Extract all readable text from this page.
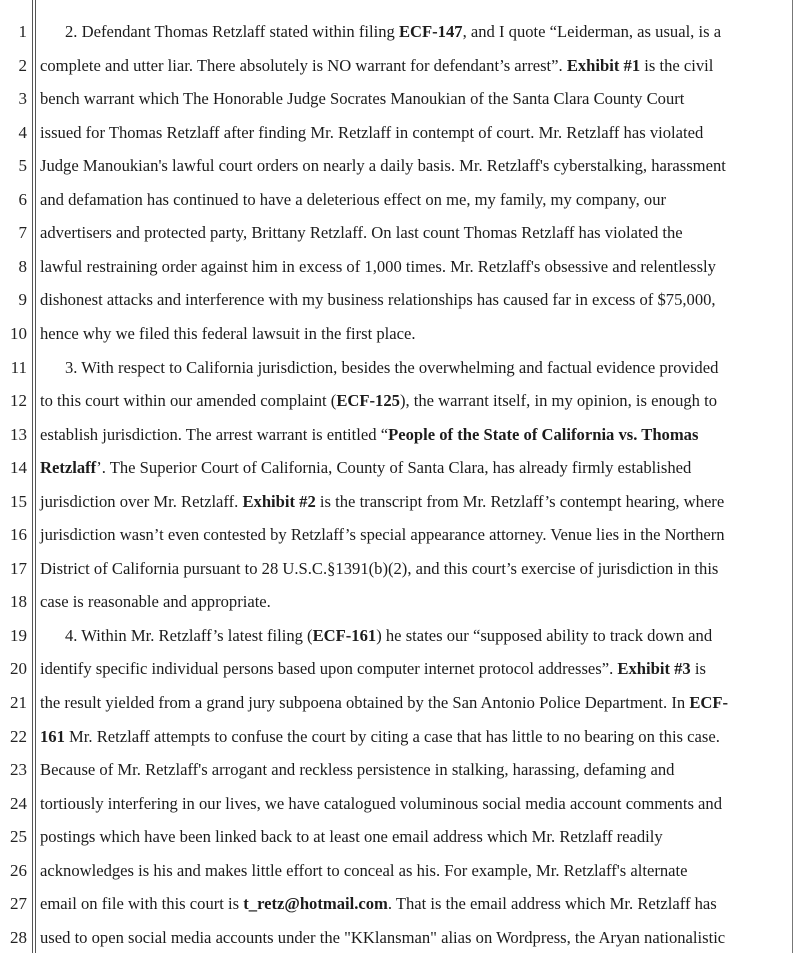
1
2
3
4
5
6
7
8
9
10
11
12
13
14
15
16
17
18
19
20
21
22
23
24
25
26
27
28
2. Defendant Thomas Retzlaff stated within filing ECF-147, and I quote “Leiderman, as usual, is a
complete and utter liar. There absolutely is NO warrant for defendant’s arrest”. Exhibit #1 is the civil
bench warrant which The Honorable Judge Socrates Manoukian of the Santa Clara County Court
issued for Thomas Retzlaff after finding Mr. Retzlaff in contempt of court. Mr. Retzlaff has violated
Judge Manoukian's lawful court orders on nearly a daily basis. Mr. Retzlaff's cyberstalking, harassment
and defamation has continued to have a deleterious effect on me, my family, my company, our
advertisers and protected party, Brittany Retzlaff. On last count Thomas Retzlaff has violated the
lawful restraining order against him in excess of 1,000 times. Mr. Retzlaff's obsessive and relentlessly
dishonest attacks and interference with my business relationships has caused far in excess of $75,000,
hence why we filed this federal lawsuit in the first place.
3. With respect to California jurisdiction, besides the overwhelming and factual evidence provided
to this court within our amended complaint (ECF-125), the warrant itself, in my opinion, is enough to
establish jurisdiction. The arrest warrant is entitled “People of the State of California vs. Thomas
Retzlaff’. The Superior Court of California, County of Santa Clara, has already firmly established
jurisdiction over Mr. Retzlaff. Exhibit #2 is the transcript from Mr. Retzlaff’s contempt hearing, where
jurisdiction wasn’t even contested by Retzlaff’s special appearance attorney. Venue lies in the Northern
District of California pursuant to 28 U.S.C.§1391(b)(2), and this court’s exercise of jurisdiction in this
case is reasonable and appropriate.
4. Within Mr. Retzlaff’s latest filing (ECF-161) he states our “supposed ability to track down and
identify specific individual persons based upon computer internet protocol addresses”. Exhibit #3 is
the result yielded from a grand jury subpoena obtained by the San Antonio Police Department. In ECF-
161 Mr. Retzlaff attempts to confuse the court by citing a case that has little to no bearing on this case.
Because of Mr. Retzlaff's arrogant and reckless persistence in stalking, harassing, defaming and
tortiously interfering in our lives, we have catalogued voluminous social media account comments and
postings which have been linked back to at least one email address which Mr. Retzlaff readily
acknowledges is his and makes little effort to conceal as his. For example, Mr. Retzlaff's alternate
email on file with this court is t_retz@hotmail.com. That is the email address which Mr. Retzlaff has
used to open social media accounts under the "KKlansman" alias on Wordpress, the Aryan nationalistic
